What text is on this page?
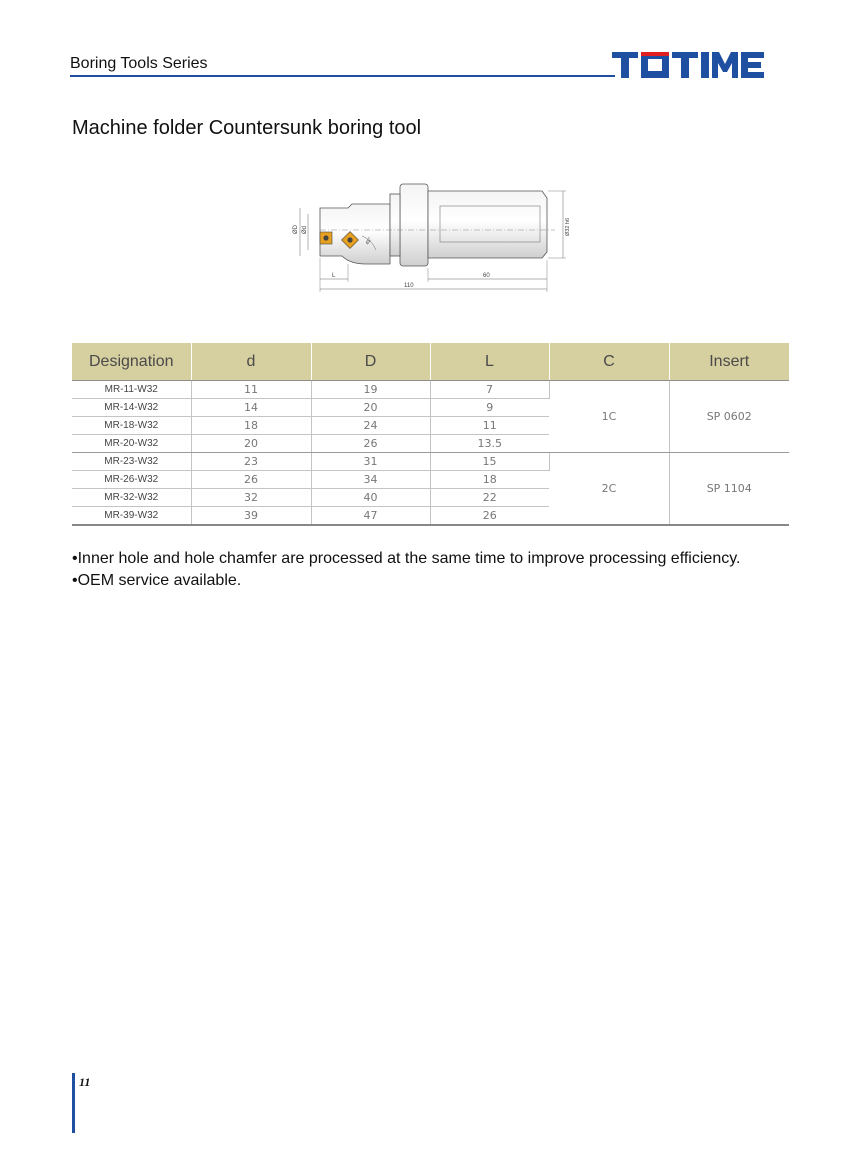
Boring Tools Series
Machine folder Countersunk boring tool
45°
ØD Ød	Ø32 h6
L	60
110
Designation	d	D	L	C	Insert
MR-11-W32	11	19	7	1C	SP 0602
MR-14-W32	14	20	9		
MR-18-W32	18	24	11		
MR-20-W32	20	26	13.5		
MR-23-W32	23	31	15	2C	SP 1104
MR-26-W32	26	34	18		
MR-32-W32	32	40	22		
MR-39-W32	39	47	26		
•Inner hole and hole chamfer are processed at the same time to improve processing efficiency.
•OEM service available.
11
